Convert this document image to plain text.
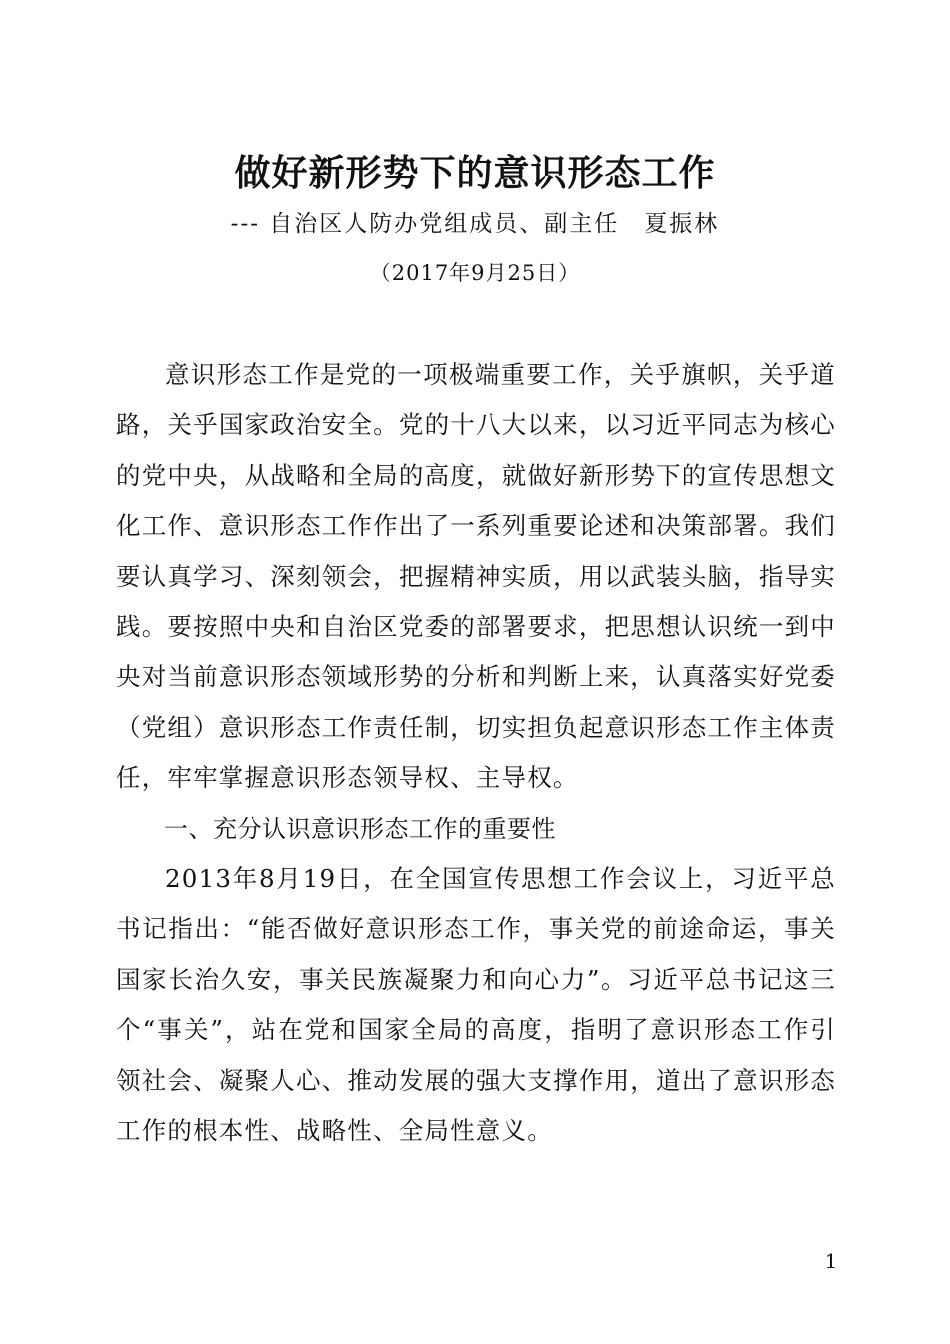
做好新形势下的意识形态工作
--- 自治区人防办党组成员、副主任　夏振林
（2017年9月25日）

意识形态工作是党的一项极端重要工作，关乎旗帜，关乎道路，关乎国家政治安全。党的十八大以来，以习近平同志为核心的党中央，从战略和全局的高度，就做好新形势下的宣传思想文化工作、意识形态工作作出了一系列重要论述和决策部署。我们要认真学习、深刻领会，把握精神实质，用以武装头脑，指导实践。要按照中央和自治区党委的部署要求，把思想认识统一到中央对当前意识形态领域形势的分析和判断上来，认真落实好党委（党组）意识形态工作责任制，切实担负起意识形态工作主体责任，牢牢掌握意识形态领导权、主导权。

一、充分认识意识形态工作的重要性

2013年8月19日，在全国宣传思想工作会议上，习近平总书记指出：“能否做好意识形态工作，事关党的前途命运，事关国家长治久安，事关民族凝聚力和向心力”。习近平总书记这三个“事关”，站在党和国家全局的高度，指明了意识形态工作引领社会、凝聚人心、推动发展的强大支撑作用，道出了意识形态工作的根本性、战略性、全局性意义。

1
